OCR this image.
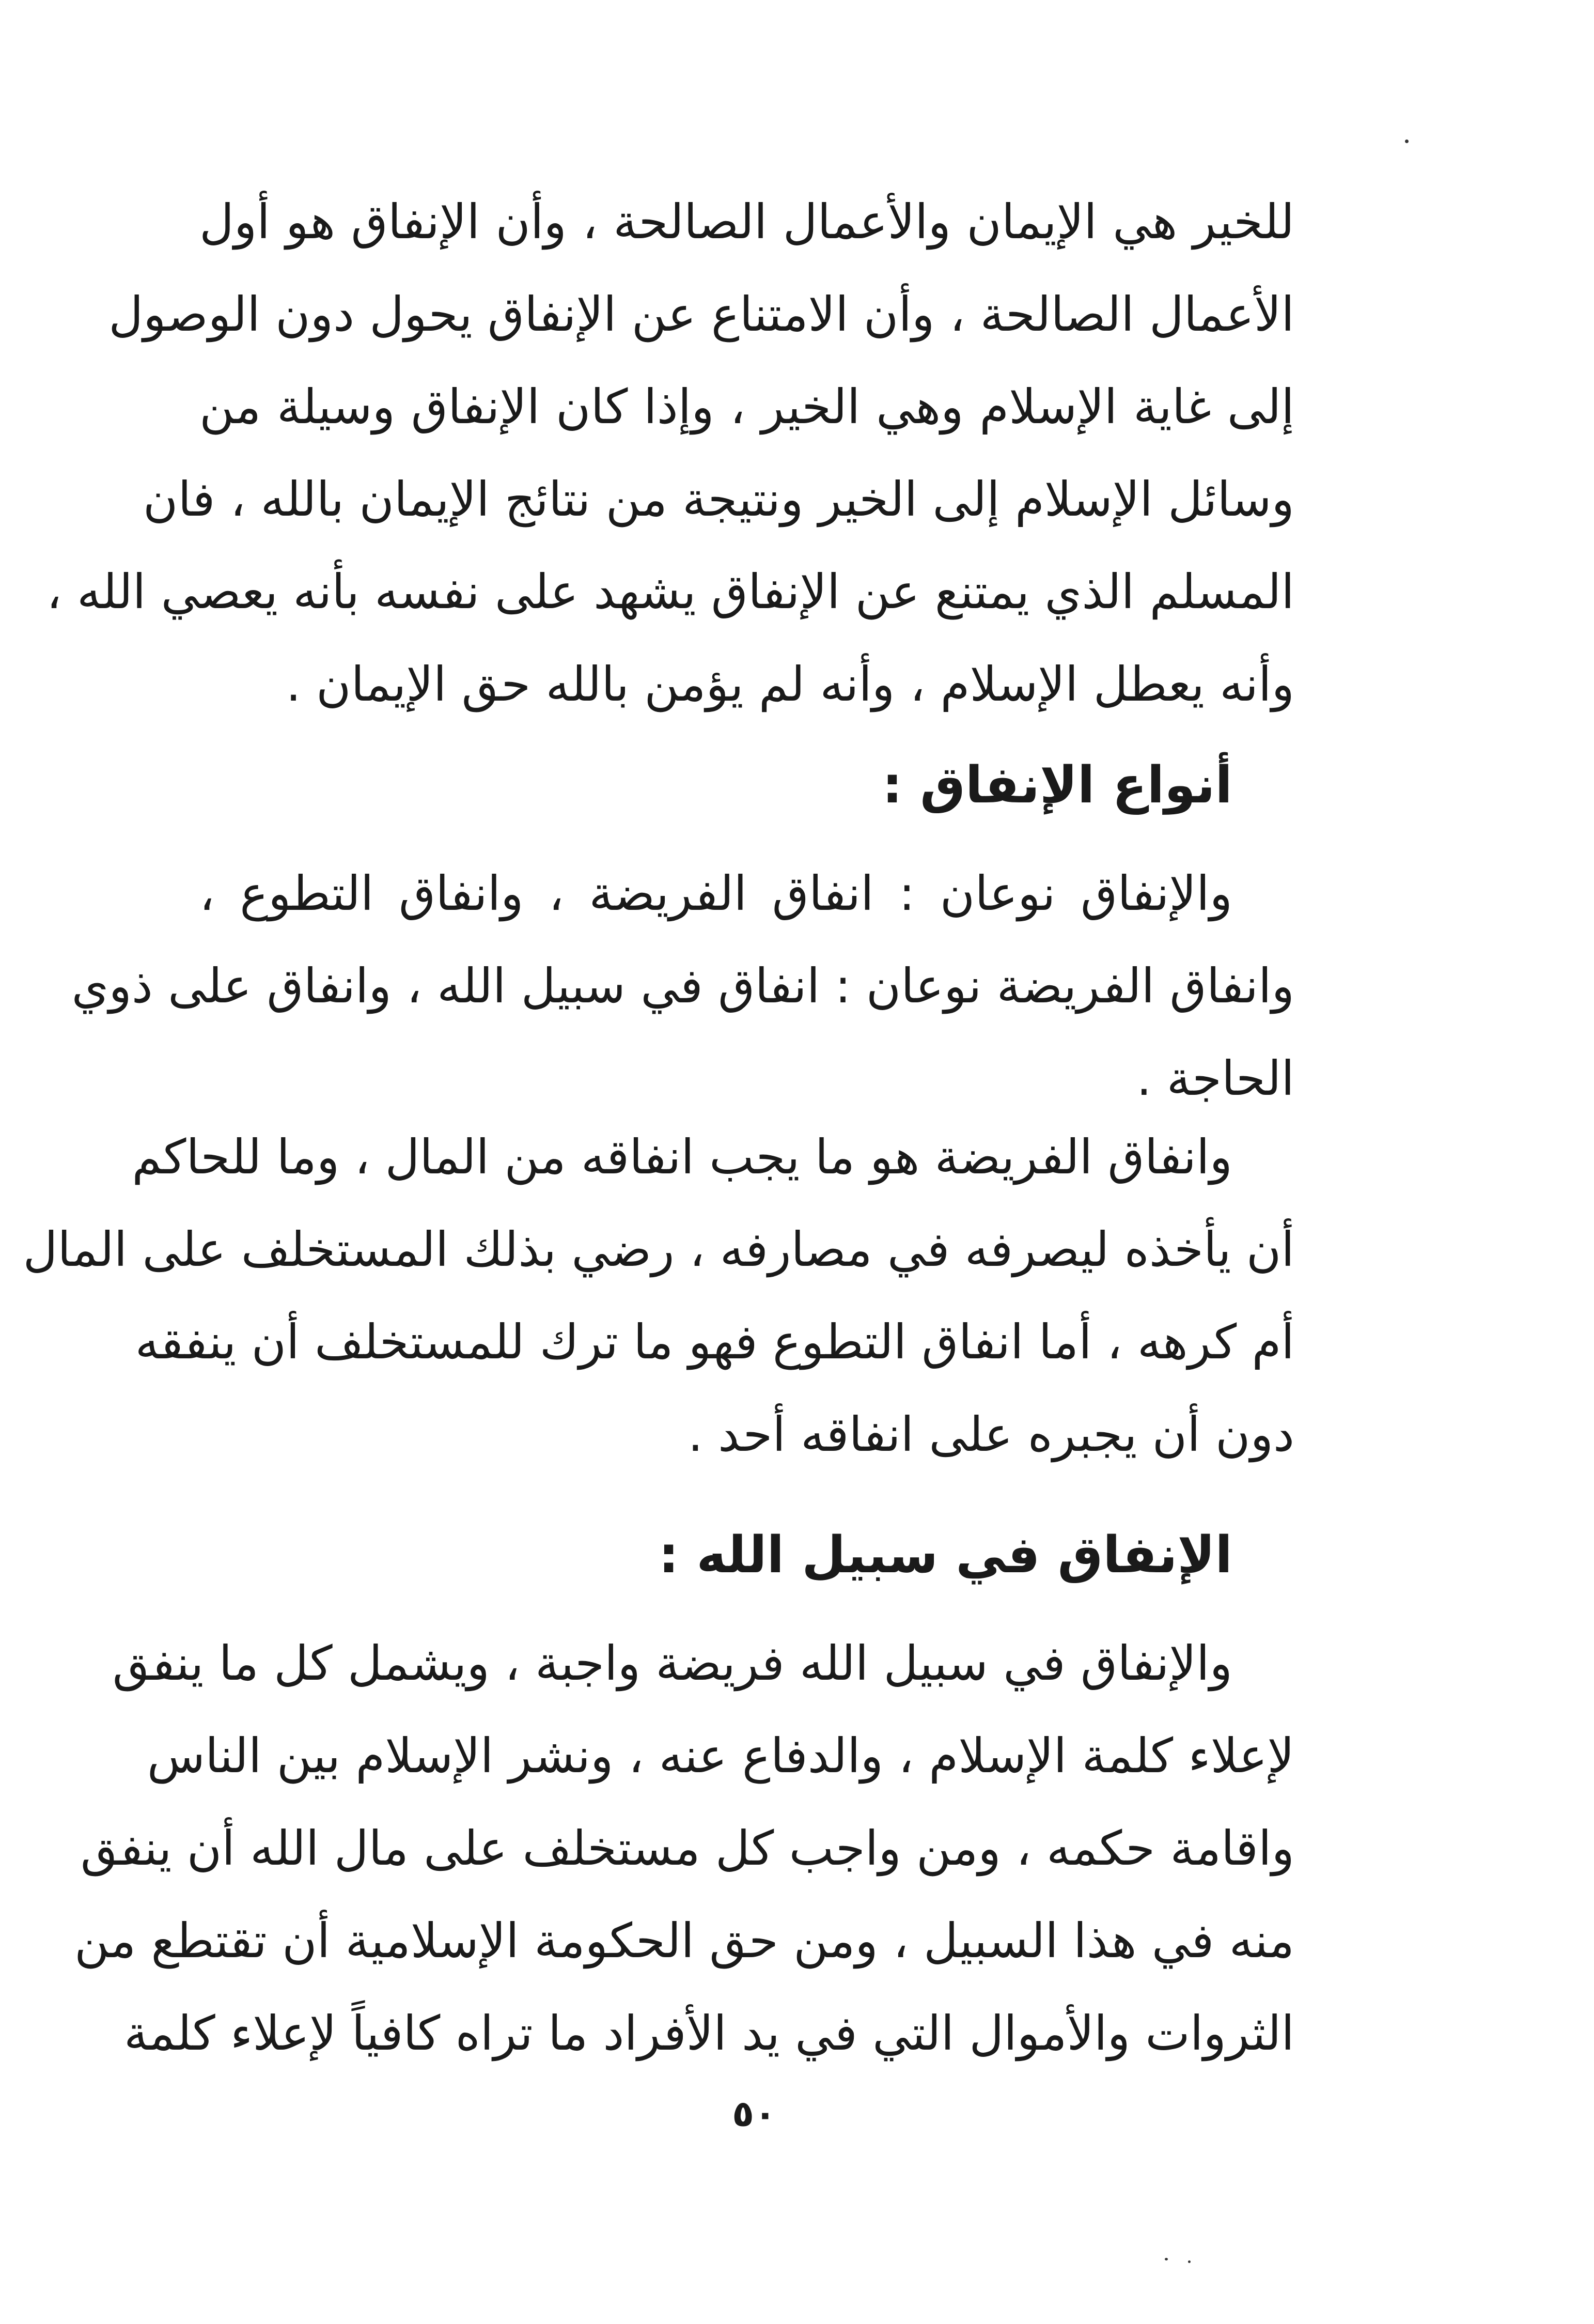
للخير هي الإيمان والأعمال الصالحة ، وأن الإنفاق هو أول
الأعمال الصالحة ، وأن الامتناع عن الإنفاق يحول دون الوصول
إلى غاية الإسلام وهي الخير ، وإذا كان الإنفاق وسيلة من
وسائل الإسلام إلى الخير ونتيجة من نتائج الإيمان بالله ، فان
المسلم الذي يمتنع عن الإنفاق يشهد على نفسه بأنه يعصي الله ،
وأنه يعطل الإسلام ، وأنه لم يؤمن بالله حق الإيمان .
أنواع الإنفاق :
والإنفاق نوعان : انفاق الفريضة ، وانفاق التطوع ،
وانفاق الفريضة نوعان : انفاق في سبيل الله ، وانفاق على ذوي
الحاجة .
وانفاق الفريضة هو ما يجب انفاقه من المال ، وما للحاكم
أن يأخذه ليصرفه في مصارفه ، رضي بذلك المستخلف على المال
أم كرهه ، أما انفاق التطوع فهو ما ترك للمستخلف أن ينفقه
دون أن يجبره على انفاقه أحد .
الإنفاق في سبيل الله :
والإنفاق في سبيل الله فريضة واجبة ، ويشمل كل ما ينفق
لإعلاء كلمة الإسلام ، والدفاع عنه ، ونشر الإسلام بين الناس
واقامة حكمه ، ومن واجب كل مستخلف على مال الله أن ينفق
منه في هذا السبيل ، ومن حق الحكومة الإسلامية أن تقتطع من
الثروات والأموال التي في يد الأفراد ما تراه كافياً لإعلاء كلمة
٥٠
